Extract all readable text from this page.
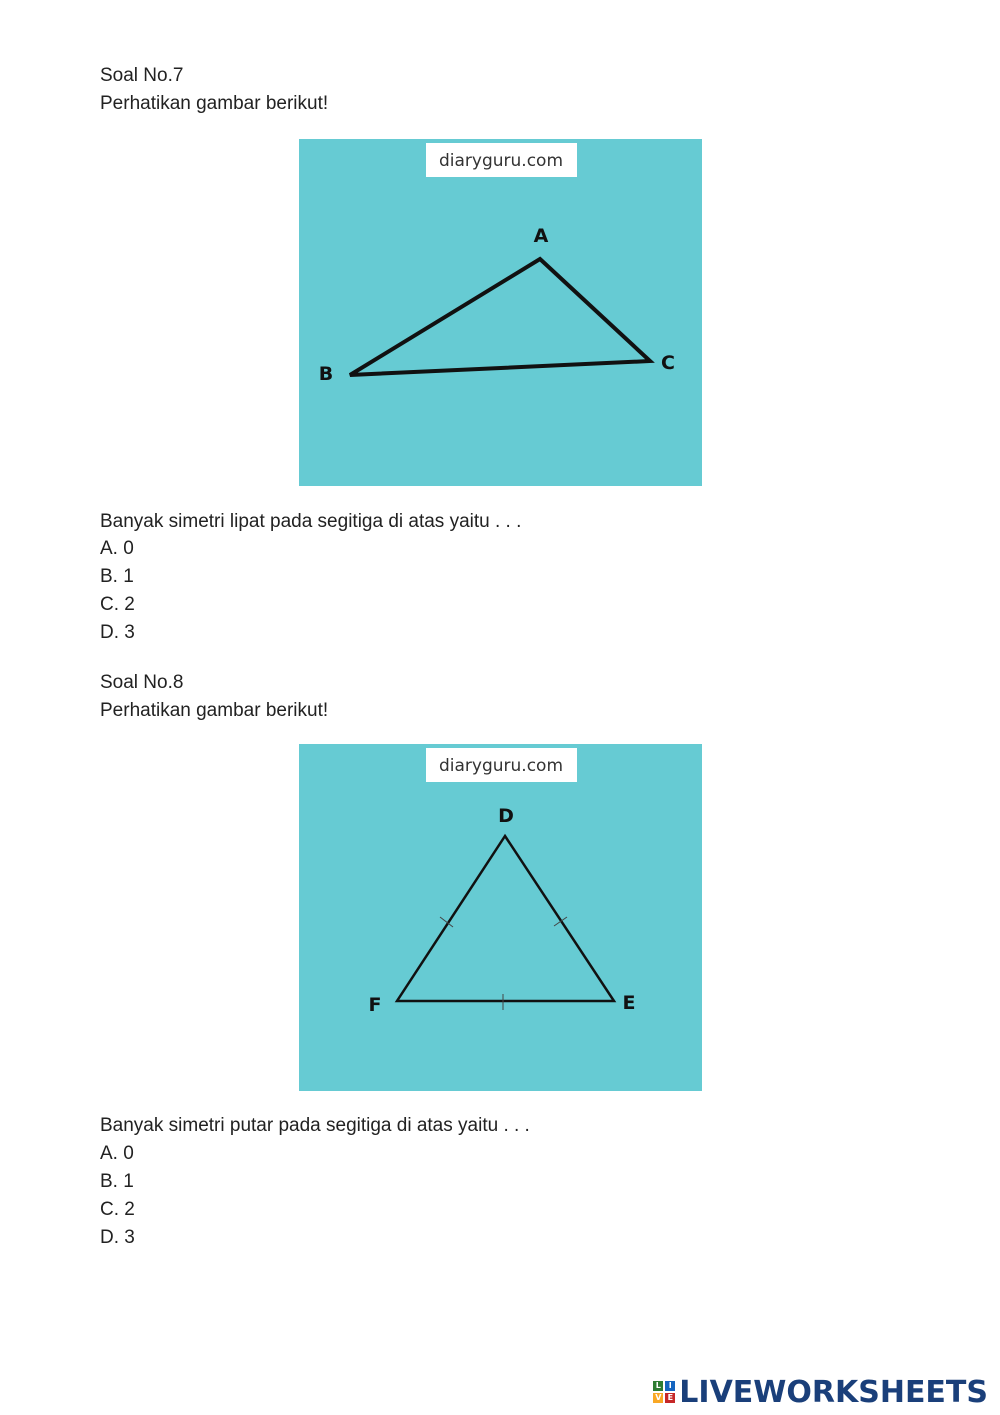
Soal No.7
Perhatikan gambar berikut!
diaryguru.com
A
B	C
Banyak simetri lipat pada segitiga di atas yaitu . . .
A. 0
B. 1
C. 2
D. 3
Soal No.8
Perhatikan gambar berikut!
diaryguru.com
D
E
F
Banyak simetri putar pada segitiga di atas yaitu . . .
A. 0
B. 1
C. 2
D. 3
L I
V E LIVEWORKSHEETS
